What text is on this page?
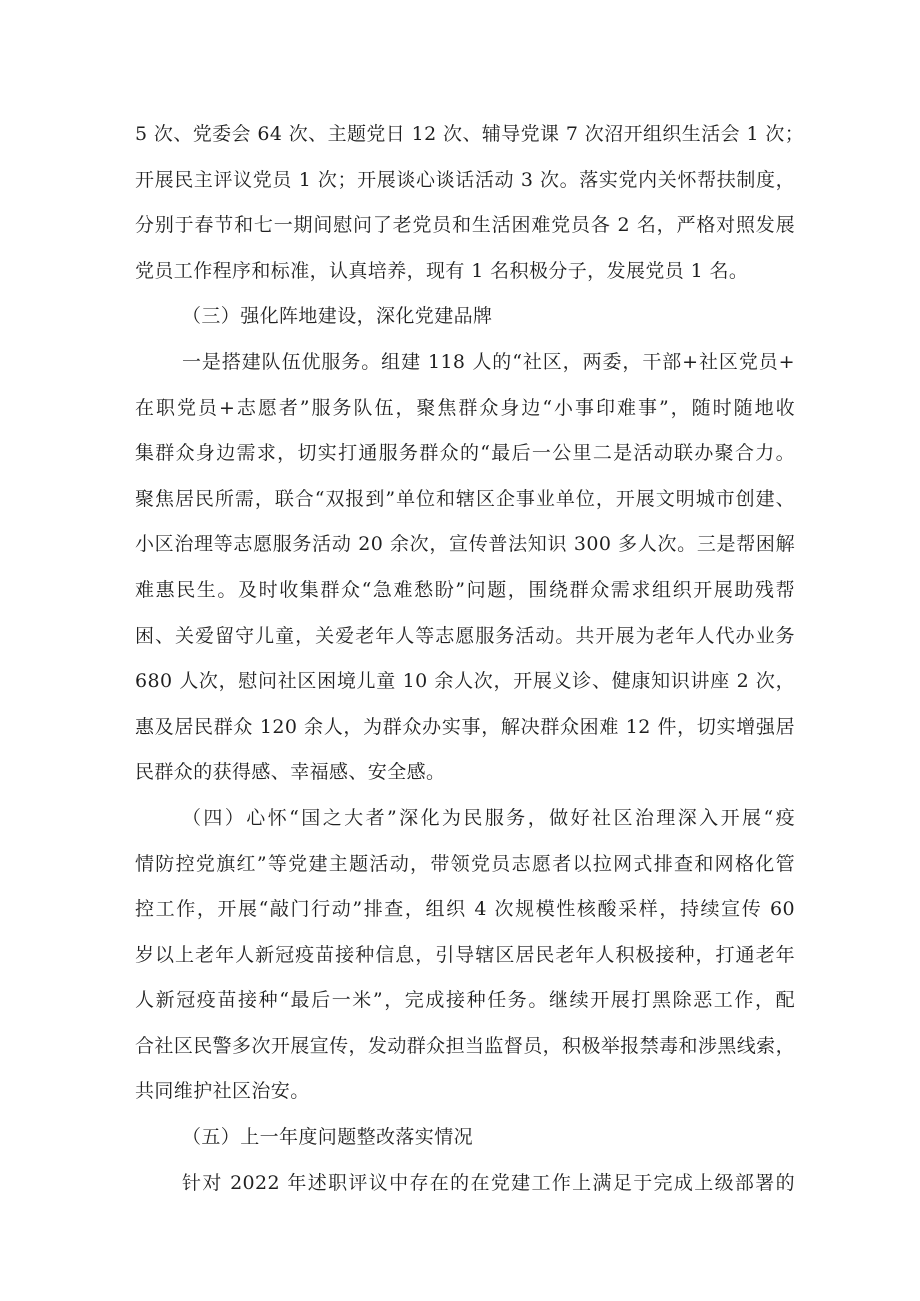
5 次、党委会 64 次、主题党日 12 次、辅导党课 7 次沼开组织生活会 1 次；
开展民主评议党员 1 次；开展谈心谈话活动 3 次。落实党内关怀帮扶制度，
分别于春节和七一期间慰问了老党员和生活困难党员各 2 名，严格对照发展
党员工作程序和标准，认真培养，现有 1 名积极分子，发展党员 1 名。
（三）强化阵地建设，深化党建品牌
一是搭建队伍优服务。组建 118 人的“社区，两委，干部+社区党员+
在职党员+志愿者”服务队伍，聚焦群众身边“小事印难事”，随时随地收
集群众身边需求，切实打通服务群众的“最后一公里二是活动联办聚合力。
聚焦居民所需，联合“双报到”单位和辖区企事业单位，开展文明城市创建、
小区治理等志愿服务活动 20 余次，宣传普法知识 300 多人次。三是帮困解
难惠民生。及时收集群众“急难愁盼”问题，围绕群众需求组织开展助残帮
困、关爱留守儿童，关爱老年人等志愿服务活动。共开展为老年人代办业务
680 人次，慰问社区困境儿童 10 余人次，开展义诊、健康知识讲座 2 次，
惠及居民群众 120 余人，为群众办实事，解决群众困难 12 件，切实增强居
民群众的获得感、幸福感、安全感。
（四）心怀“国之大者”深化为民服务，做好社区治理深入开展“疫
情防控党旗红”等党建主题活动，带领党员志愿者以拉网式排查和网格化管
控工作，开展“敲门行动”排查，组织 4 次规模性核酸采样，持续宣传 60
岁以上老年人新冠疫苗接种信息，引导辖区居民老年人积极接种，打通老年
人新冠疫苗接种“最后一米”，完成接种任务。继续开展打黑除恶工作，配
合社区民警多次开展宣传，发动群众担当监督员，积极举报禁毒和涉黑线索，
共同维护社区治安。
（五）上一年度问题整改落实情况
针对 2022 年述职评议中存在的在党建工作上满足于完成上级部署的
